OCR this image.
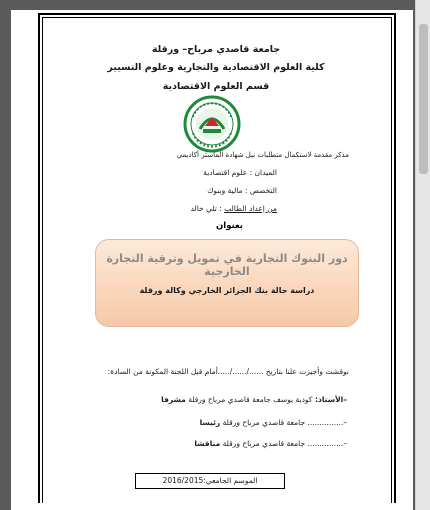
جامعة قاصدي مرباح– ورقلة
كلية العلوم الاقتصادية والتجارية وعلوم التسيير
قسم العلوم الاقتصادية
مذكر مقدمة لاستكمال متطلبات نيل شهادة الماستر أكاديمي
الميدان : علوم اقتصادية
التخصص : مالية وبنوك
من إعداد الطالب : تلي خالد
بعنوان
دور البنوك التجارية في تمويل وترقية التجارة الخارجية
دراسة حالة بنك الجزائر الخارجي وكالة ورقلة
نوقشت وأجيزت علنا بتاريخ ....../....../.....أمام قبل اللجنة المكونة من السادة:
–الأستاذ: كودية يوسف جامعة قاصدي مرباح ورقلة مشرفا
–............... جامعة قاصدي مرباح ورقلة رئيسا
–............... جامعة قاصدي مرباح ورقلة مناقشا
الموسم الجامعي:2016/2015
